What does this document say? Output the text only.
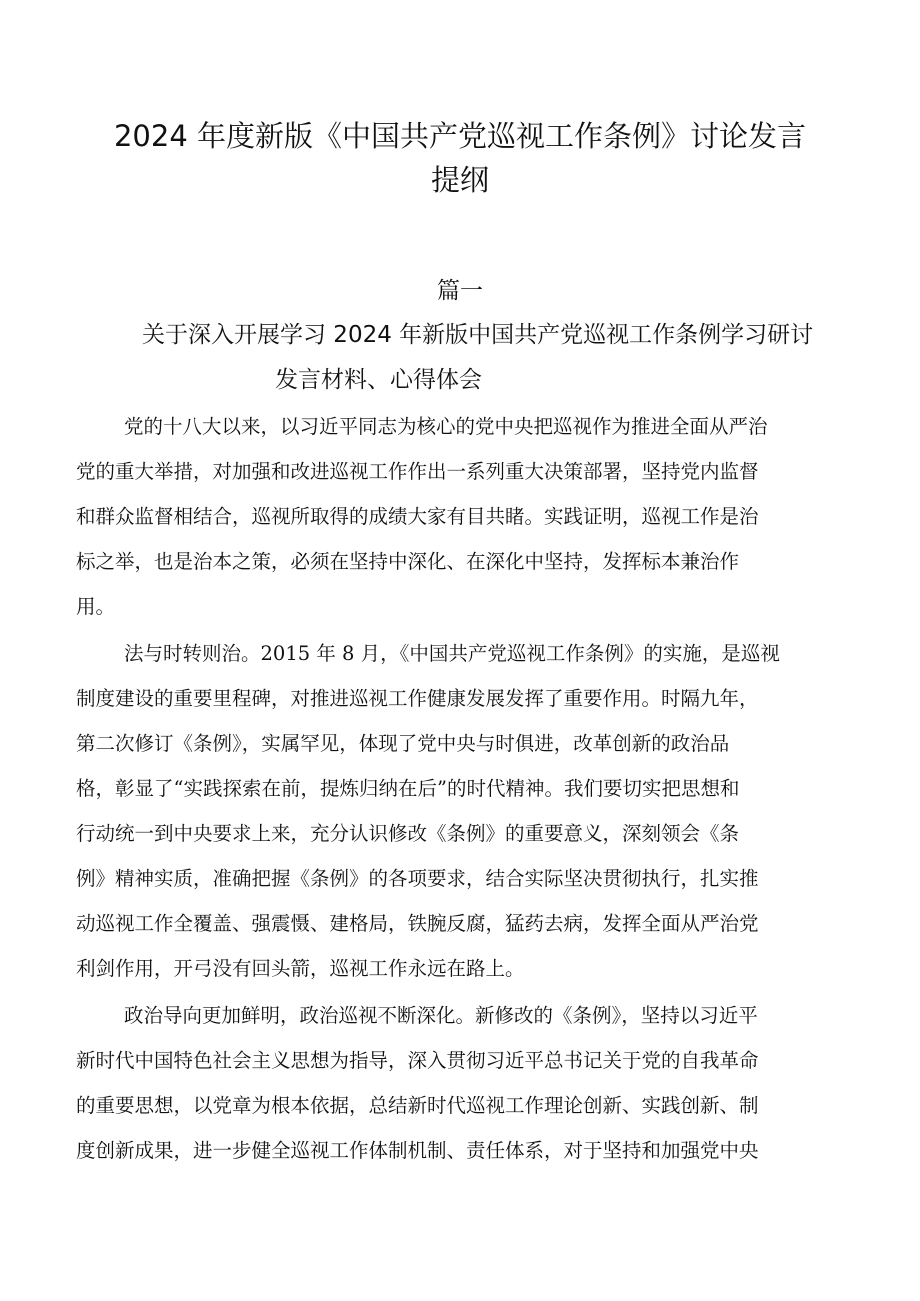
2024 年度新版《中国共产党巡视工作条例》讨论发言
提纲
篇一
关于深入开展学习 2024 年新版中国共产党巡视工作条例学习研讨
发言材料、心得体会
党的十八大以来，以习近平同志为核心的党中央把巡视作为推进全面从严治
党的重大举措，对加强和改进巡视工作作出一系列重大决策部署，坚持党内监督
和群众监督相结合，巡视所取得的成绩大家有目共睹。实践证明，巡视工作是治
标之举，也是治本之策，必须在坚持中深化、在深化中坚持，发挥标本兼治作
用。
法与时转则治。2015 年 8 月，《中国共产党巡视工作条例》的实施，是巡视
制度建设的重要里程碑，对推进巡视工作健康发展发挥了重要作用。时隔九年，
第二次修订《条例》，实属罕见，体现了党中央与时俱进，改革创新的政治品
格，彰显了“实践探索在前，提炼归纳在后”的时代精神。我们要切实把思想和
行动统一到中央要求上来，充分认识修改《条例》的重要意义，深刻领会《条
例》精神实质，准确把握《条例》的各项要求，结合实际坚决贯彻执行，扎实推
动巡视工作全覆盖、强震慑、建格局，铁腕反腐，猛药去病，发挥全面从严治党
利剑作用，开弓没有回头箭，巡视工作永远在路上。
政治导向更加鲜明，政治巡视不断深化。新修改的《条例》，坚持以习近平
新时代中国特色社会主义思想为指导，深入贯彻习近平总书记关于党的自我革命
的重要思想，以党章为根本依据，总结新时代巡视工作理论创新、实践创新、制
度创新成果，进一步健全巡视工作体制机制、责任体系，对于坚持和加强党中央
